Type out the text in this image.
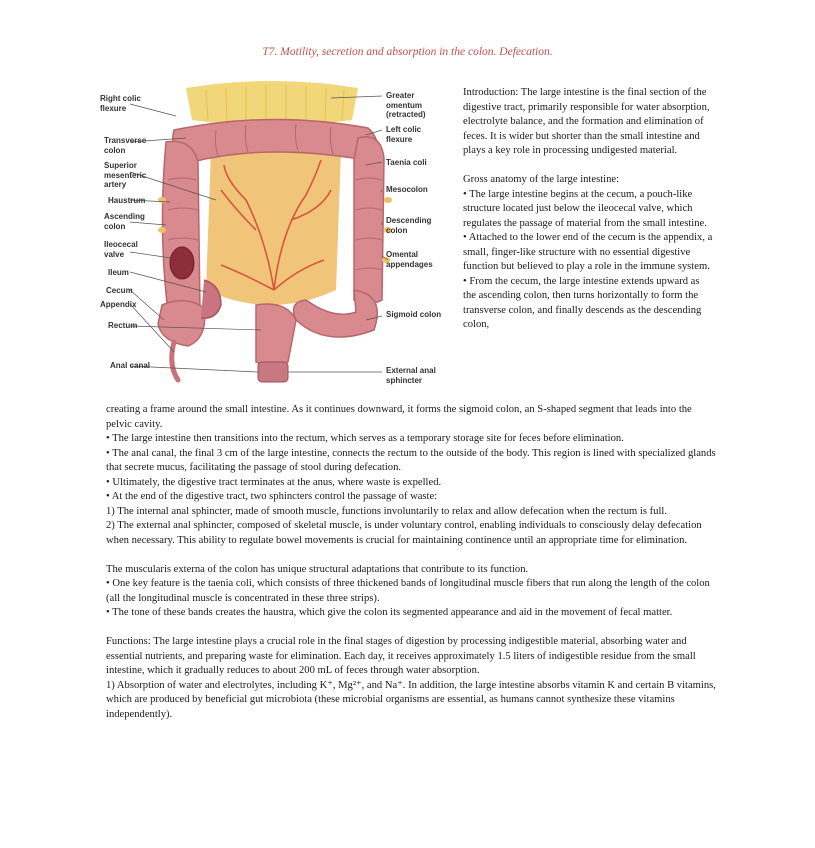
T7. Motility, secretion and absorption in the colon. Defecation.
Right colic flexure
Transverse colon
Superior mesenteric artery
Haustrum
Ascending colon
Ileocecal valve
Ileum
Cecum
Appendix
Rectum
Anal canal
Greater omentum (retracted)
Left colic flexure
Taenia coli
Mesocolon
Descending colon
Omental appendages
Sigmoid colon
External anal sphincter

Introduction: The large intestine is the final section of the digestive tract, primarily responsible for water absorption, electrolyte balance, and the formation and elimination of feces. It is wider but shorter than the small intestine and plays a key role in processing undigested material.

Gross anatomy of the large intestine:

• The large intestine begins at the cecum, a pouch-like structure located just below the ileocecal valve, which regulates the passage of material from the small intestine.

• Attached to the lower end of the cecum is the appendix, a small, finger-like structure with no essential digestive function but believed to play a role in the immune system.

• From the cecum, the large intestine extends upward as the ascending colon, then turns horizontally to form the transverse colon, and finally descends as the descending colon,

creating a frame around the small intestine. As it continues downward, it forms the sigmoid colon, an S-shaped segment that leads into the pelvic cavity.

• The large intestine then transitions into the rectum, which serves as a temporary storage site for feces before elimination.

• The anal canal, the final 3 cm of the large intestine, connects the rectum to the outside of the body. This region is lined with specialized glands that secrete mucus, facilitating the passage of stool during defecation.

• Ultimately, the digestive tract terminates at the anus, where waste is expelled.

• At the end of the digestive tract, two sphincters control the passage of waste:

1) The internal anal sphincter, made of smooth muscle, functions involuntarily to relax and allow defecation when the rectum is full.

2) The external anal sphincter, composed of skeletal muscle, is under voluntary control, enabling individuals to consciously delay defecation when necessary. This ability to regulate bowel movements is crucial for maintaining continence until an appropriate time for elimination.

The muscularis externa of the colon has unique structural adaptations that contribute to its function.

• One key feature is the taenia coli, which consists of three thickened bands of longitudinal muscle fibers that run along the length of the colon (all the longitudinal muscle is concentrated in these three strips).

• The tone of these bands creates the haustra, which give the colon its segmented appearance and aid in the movement of fecal matter.

Functions: The large intestine plays a crucial role in the final stages of digestion by processing indigestible material, absorbing water and essential nutrients, and preparing waste for elimination. Each day, it receives approximately 1.5 liters of indigestible residue from the small intestine, which it gradually reduces to about 200 mL of feces through water absorption.

1) Absorption of water and electrolytes, including K⁺, Mg²⁺, and Na⁺. In addition, the large intestine absorbs vitamin K and certain B vitamins, which are produced by beneficial gut microbiota (these microbial organisms are essential, as humans cannot synthesize these vitamins independently).
